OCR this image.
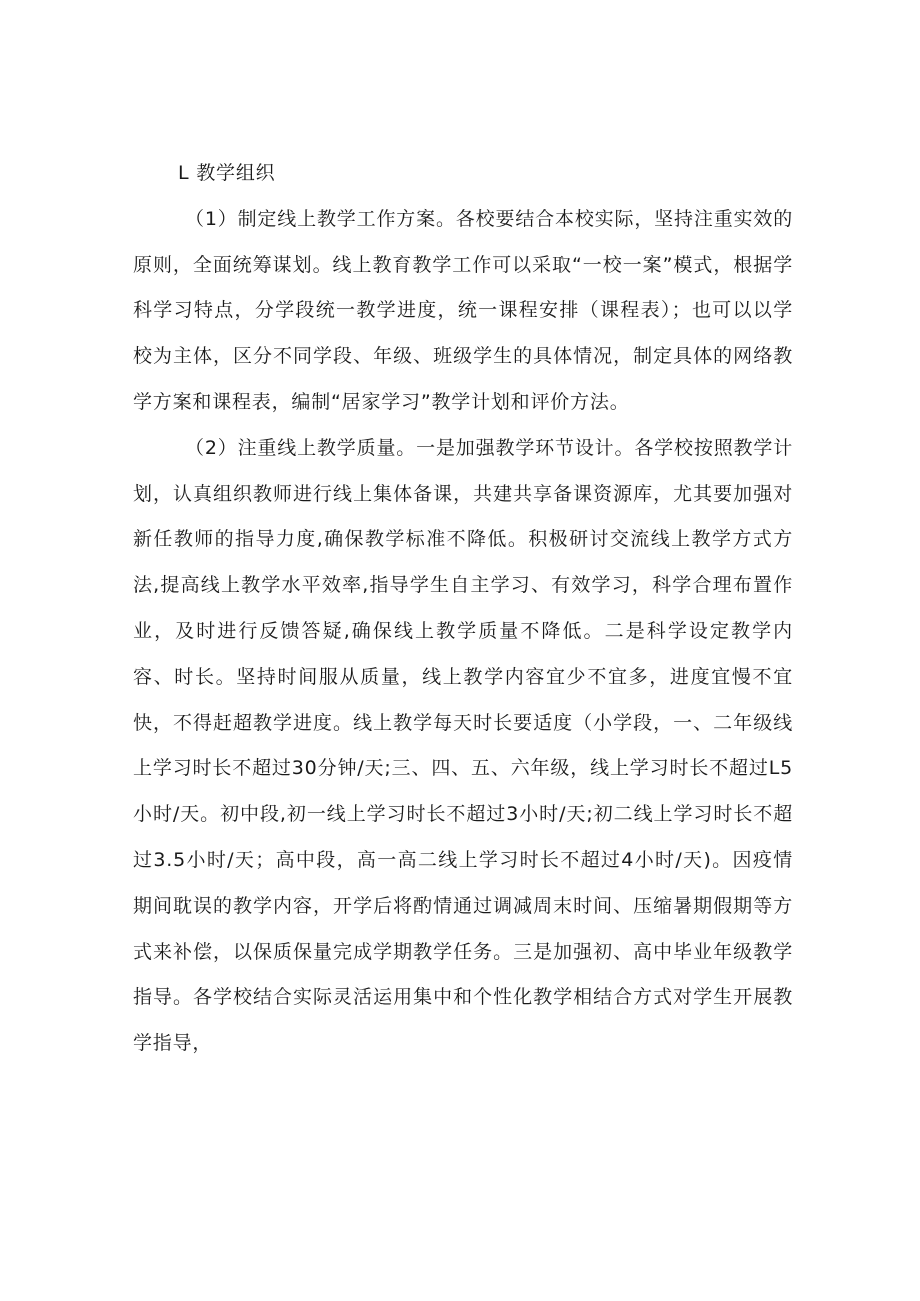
L 教学组织

（1）制定线上教学工作方案。各校要结合本校实际，坚持注重实效的原则，全面统筹谋划。线上教育教学工作可以采取“一校一案”模式，根据学科学习特点，分学段统一教学进度，统一课程安排（课程表）；也可以以学校为主体，区分不同学段、年级、班级学生的具体情况，制定具体的网络教学方案和课程表，编制“居家学习”教学计划和评价方法。

（2）注重线上教学质量。一是加强教学环节设计。各学校按照教学计划，认真组织教师进行线上集体备课，共建共享备课资源库，尤其要加强对新任教师的指导力度,确保教学标准不降低。积极研讨交流线上教学方式方法,提高线上教学水平效率,指导学生自主学习、有效学习，科学合理布置作业，及时进行反馈答疑,确保线上教学质量不降低。二是科学设定教学内容、时长。坚持时间服从质量，线上教学内容宜少不宜多，进度宜慢不宜快，不得赶超教学进度。线上教学每天时长要适度（小学段，一、二年级线上学习时长不超过30分钟/天;三、四、五、六年级，线上学习时长不超过L5小时/天。初中段,初一线上学习时长不超过3小时/天;初二线上学习时长不超过3.5小时/天；高中段，高一高二线上学习时长不超过4小时/天)。因疫情期间耽误的教学内容，开学后将酌情通过调减周末时间、压缩暑期假期等方式来补偿，以保质保量完成学期教学任务。三是加强初、高中毕业年级教学指导。各学校结合实际灵活运用集中和个性化教学相结合方式对学生开展教学指导，
